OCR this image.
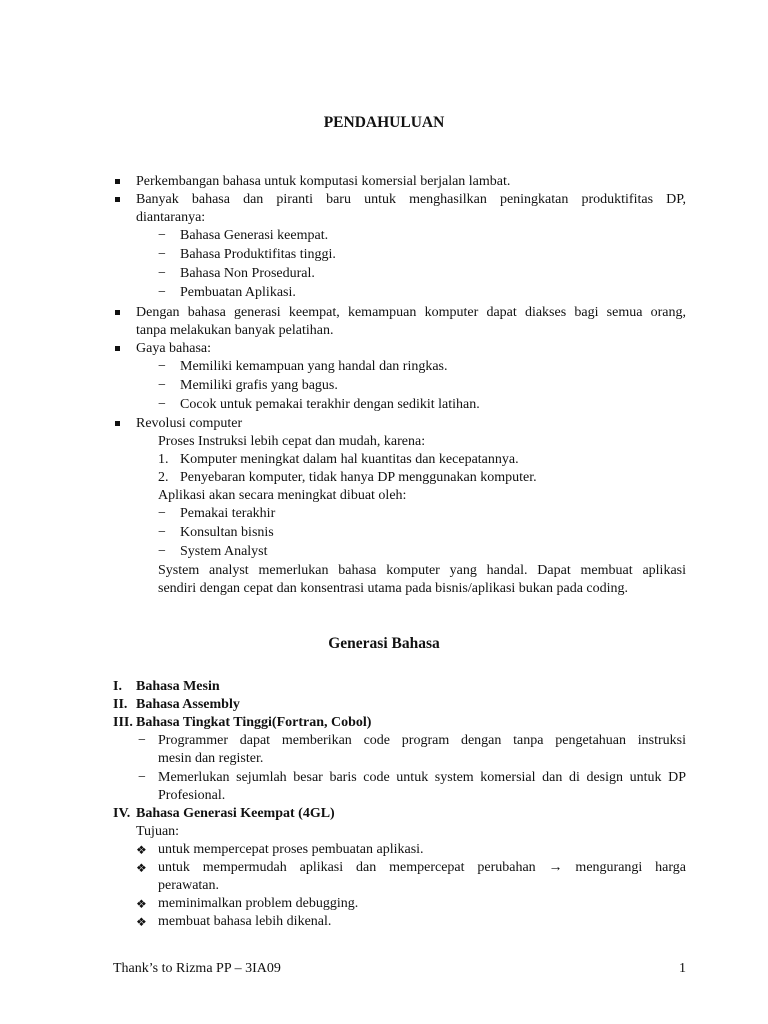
PENDAHULUAN
Perkembangan bahasa untuk komputasi komersial berjalan lambat.
Banyak bahasa dan piranti baru untuk menghasilkan peningkatan produktifitas DP,
diantaranya:
− Bahasa Generasi keempat.
− Bahasa Produktifitas tinggi.
− Bahasa Non Prosedural.
− Pembuatan Aplikasi.
Dengan bahasa generasi keempat, kemampuan komputer dapat diakses bagi semua orang,
tanpa melakukan banyak pelatihan.
Gaya bahasa:
− Memiliki kemampuan yang handal dan ringkas.
− Memiliki grafis yang bagus.
− Cocok untuk pemakai terakhir dengan sedikit latihan.
Revolusi computer
Proses Instruksi lebih cepat dan mudah, karena:
1. Komputer meningkat dalam hal kuantitas dan kecepatannya.
2. Penyebaran komputer, tidak hanya DP menggunakan komputer.
Aplikasi akan secara meningkat dibuat oleh:
− Pemakai terakhir
− Konsultan bisnis
− System Analyst
System analyst memerlukan bahasa komputer yang handal. Dapat membuat aplikasi
sendiri dengan cepat dan konsentrasi utama pada bisnis/aplikasi bukan pada coding.
Generasi Bahasa
I. Bahasa Mesin
II. Bahasa Assembly
III. Bahasa Tingkat Tinggi(Fortran, Cobol)
− Programmer dapat memberikan code program dengan tanpa pengetahuan instruksi
mesin dan register.
− Memerlukan sejumlah besar baris code untuk system komersial dan di design untuk DP
Profesional.
IV. Bahasa Generasi Keempat (4GL)
Tujuan:
❖ untuk mempercepat proses pembuatan aplikasi.
❖ untuk mempermudah aplikasi dan mempercepat perubahan → mengurangi harga
perawatan.
❖ meminimalkan problem debugging.
❖ membuat bahasa lebih dikenal.
Thank’s to Rizma PP – 3IA09	1
